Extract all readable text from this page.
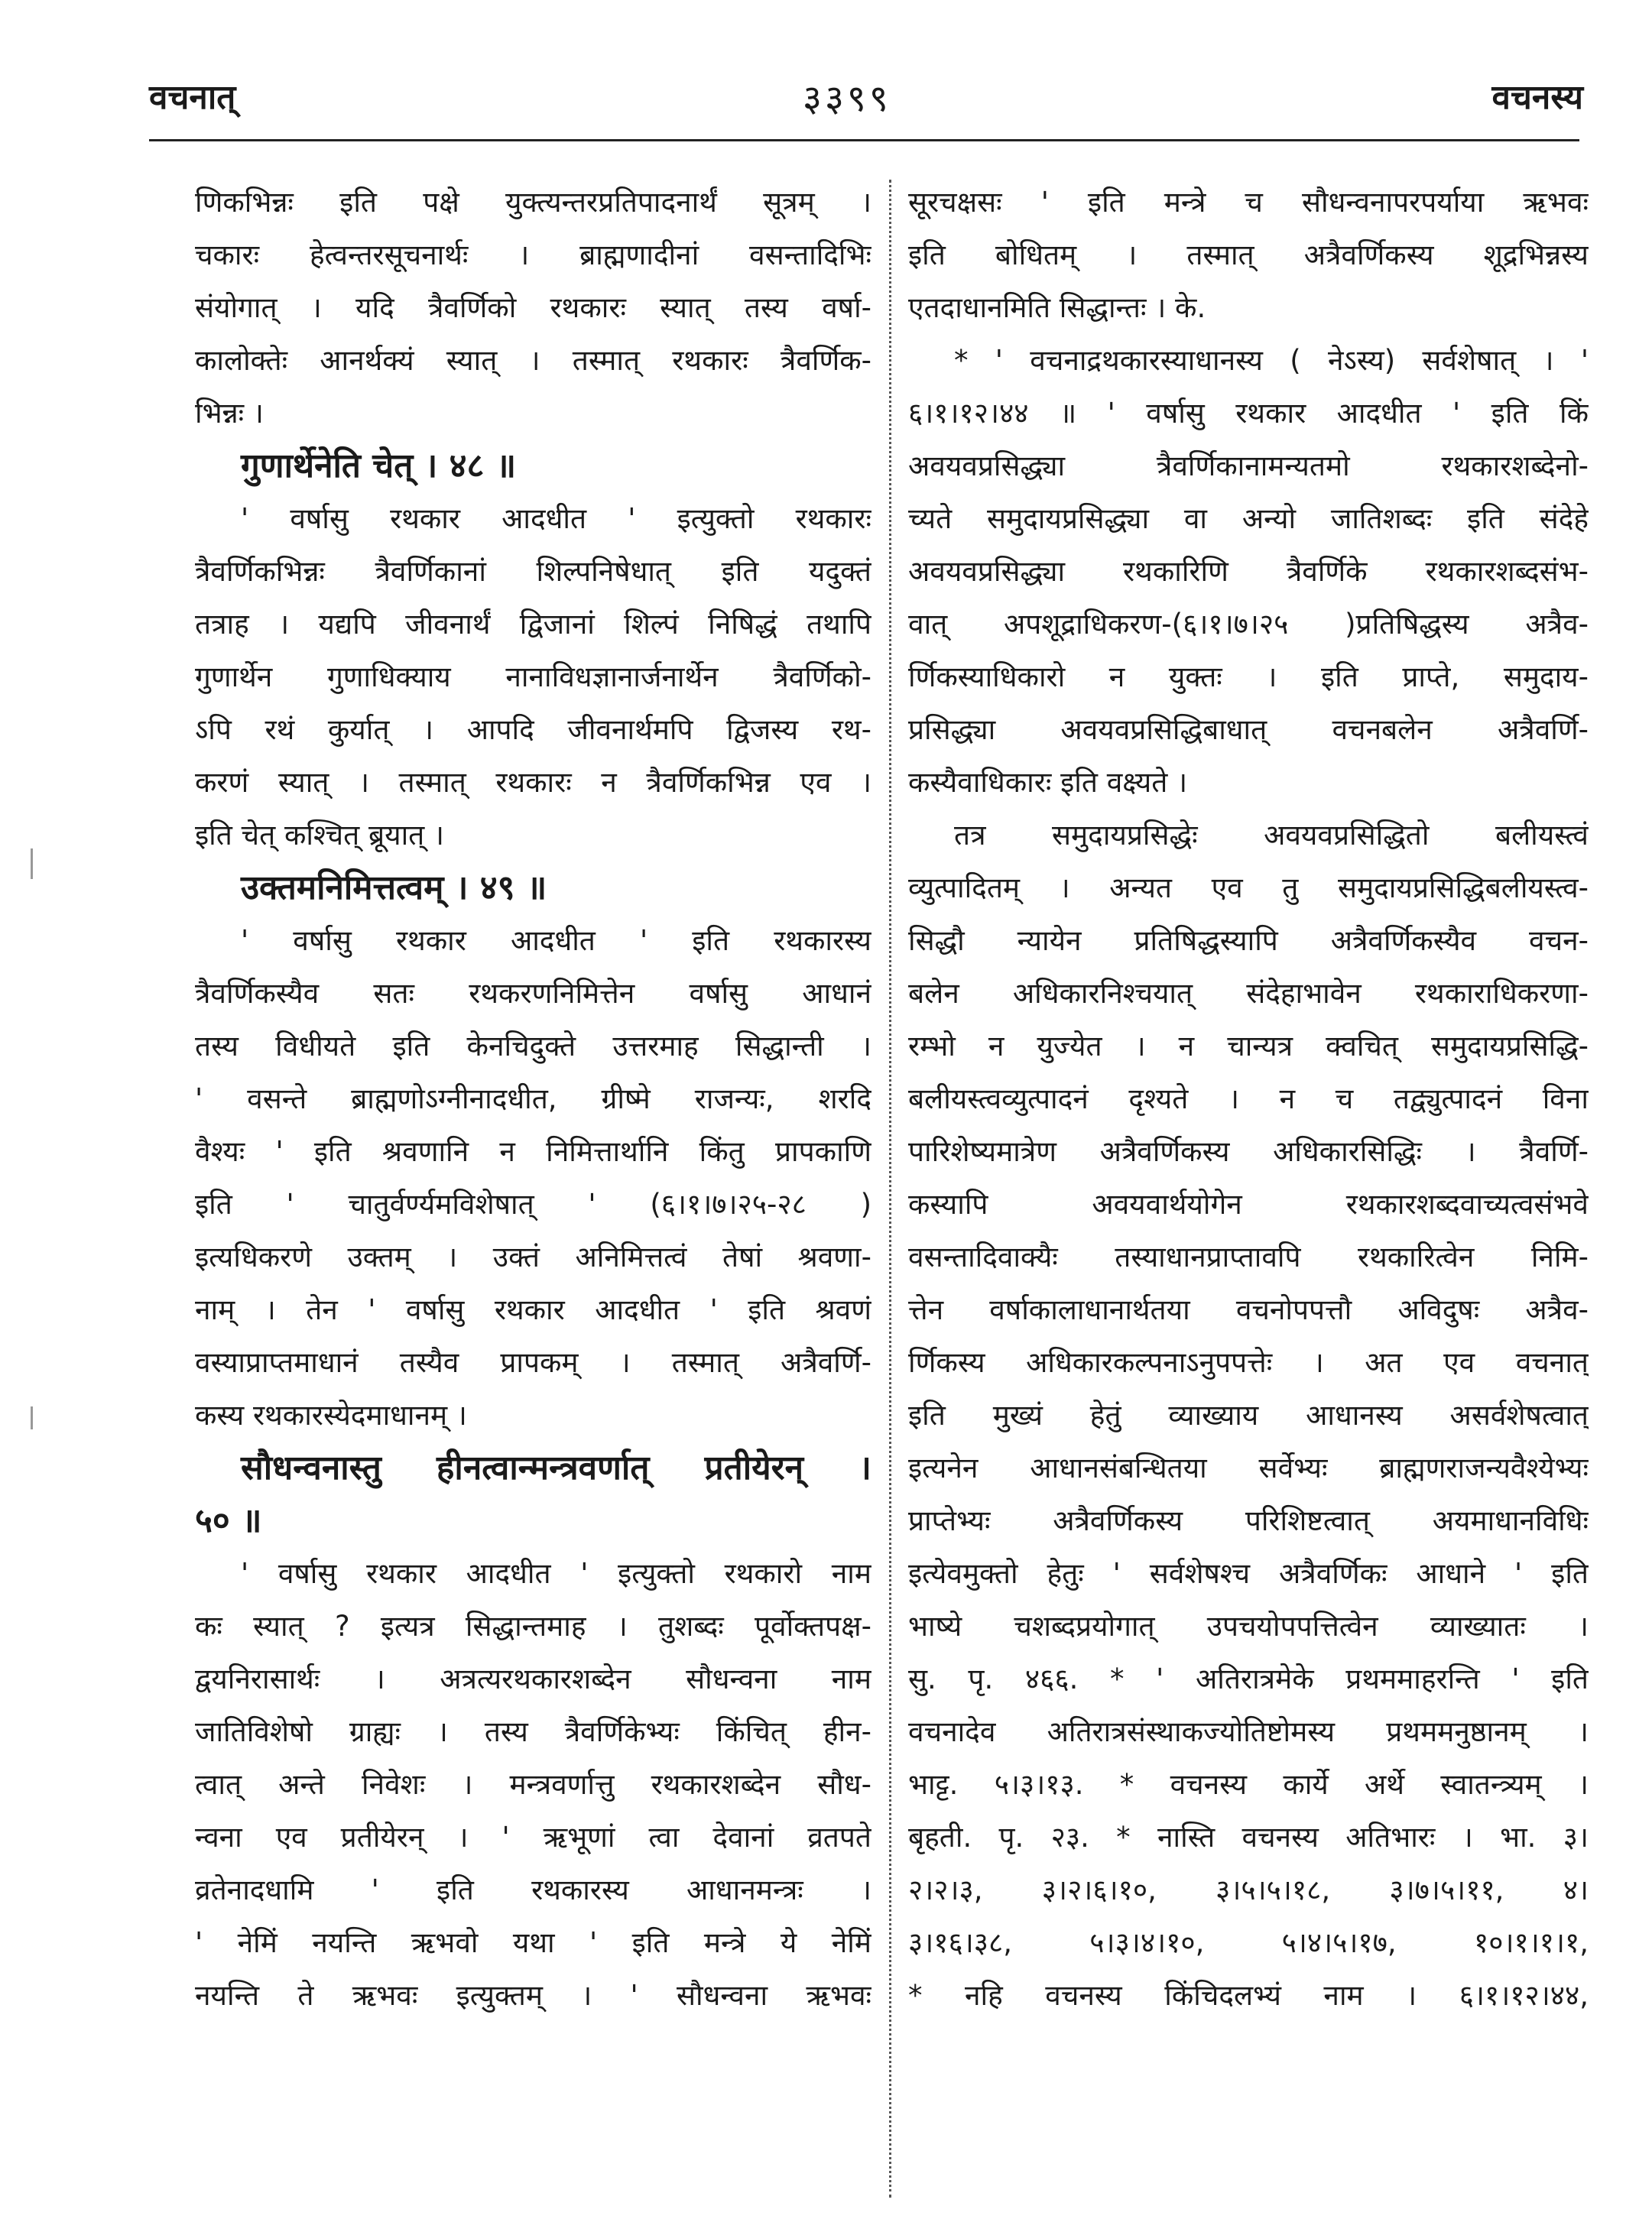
वचनात्	३३९९	वचनस्य
णिकभिन्नः इति पक्षे युक्त्यन्तरप्रतिपादनार्थं सूत्रम् ।
चकारः हेत्वन्तरसूचनार्थः । ब्राह्मणादीनां वसन्तादिभिः
संयोगात् । यदि त्रैवर्णिको रथकारः स्यात् तस्य वर्षा-
कालोक्तेः आनर्थक्यं स्यात् । तस्मात् रथकारः त्रैवर्णिक-
भिन्नः ।
गुणार्थेनेति चेत् । ४८ ॥
' वर्षासु रथकार आदधीत ' इत्युक्तो रथकारः
त्रैवर्णिकभिन्नः त्रैवर्णिकानां शिल्पनिषेधात् इति यदुक्तं
तत्राह । यद्यपि जीवनार्थं द्विजानां शिल्पं निषिद्धं तथापि
गुणार्थेन गुणाधिक्याय नानाविधज्ञानार्जनार्थेन त्रैवर्णिको-
ऽपि रथं कुर्यात् । आपदि जीवनार्थमपि द्विजस्य रथ-
करणं स्यात् । तस्मात् रथकारः न त्रैवर्णिकभिन्न एव ।
इति चेत् कश्चित् ब्रूयात् ।
उक्तमनिमित्तत्वम् । ४९ ॥
' वर्षासु रथकार आदधीत ' इति रथकारस्य
त्रैवर्णिकस्यैव सतः रथकरणनिमित्तेन वर्षासु आधानं
तस्य विधीयते इति केनचिदुक्ते उत्तरमाह सिद्धान्ती ।
' वसन्ते ब्राह्मणोऽग्नीनादधीत, ग्रीष्मे राजन्यः, शरदि
वैश्यः ' इति श्रवणानि न निमित्तार्थानि किंतु प्रापकाणि
इति ' चातुर्वर्ण्यमविशेषात् ' (६।१।७।२५-२८ )
इत्यधिकरणे उक्तम् । उक्तं अनिमित्तत्वं तेषां श्रवणा-
नाम् । तेन ' वर्षासु रथकार आदधीत ' इति श्रवणं
वस्याप्राप्तमाधानं तस्यैव प्रापकम् । तस्मात् अत्रैवर्णि-
कस्य रथकारस्येदमाधानम् ।
सौधन्वनास्तु हीनत्वान्मन्त्रवर्णात् प्रतीयेरन् ।
५० ॥
' वर्षासु रथकार आदधीत ' इत्युक्तो रथकारो नाम
कः स्यात् ? इत्यत्र सिद्धान्तमाह । तुशब्दः पूर्वोक्तपक्ष-
द्वयनिरासार्थः । अत्रत्यरथकारशब्देन सौधन्वना नाम
जातिविशेषो ग्राह्यः । तस्य त्रैवर्णिकेभ्यः किंचित् हीन-
त्वात् अन्ते निवेशः । मन्त्रवर्णात्तु रथकारशब्देन सौध-
न्वना एव प्रतीयेरन् । ' ऋभूणां त्वा देवानां व्रतपते
व्रतेनादधामि ' इति रथकारस्य आधानमन्त्रः ।
' नेमिं नयन्ति ऋभवो यथा ' इति मन्त्रे ये नेमिं
नयन्ति ते ऋभवः इत्युक्तम् । ' सौधन्वना ऋभवः
सूरचक्षसः ' इति मन्त्रे च सौधन्वनापरपर्याया ऋभवः
इति बोधितम् । तस्मात् अत्रैवर्णिकस्य शूद्रभिन्नस्य
एतदाधानमिति सिद्धान्तः । के.
* ' वचनाद्रथकारस्याधानस्य ( नेऽस्य) सर्वशेषात् । '
६।१।१२।४४ ॥ ' वर्षासु रथकार आदधीत ' इति किं
अवयवप्रसिद्ध्या त्रैवर्णिकानामन्यतमो रथकारशब्देनो-
च्यते समुदायप्रसिद्ध्या वा अन्यो जातिशब्दः इति संदेहे
अवयवप्रसिद्ध्या रथकारिणि त्रैवर्णिके रथकारशब्दसंभ-
वात् अपशूद्राधिकरण-(६।१।७।२५ )प्रतिषिद्धस्य अत्रैव-
र्णिकस्याधिकारो न युक्तः । इति प्राप्ते, समुदाय-
प्रसिद्ध्या अवयवप्रसिद्धिबाधात् वचनबलेन अत्रैवर्णि-
कस्यैवाधिकारः इति वक्ष्यते ।
तत्र समुदायप्रसिद्धेः अवयवप्रसिद्धितो बलीयस्त्वं
व्युत्पादितम् । अन्यत एव तु समुदायप्रसिद्धिबलीयस्त्व-
सिद्धौ न्यायेन प्रतिषिद्धस्यापि अत्रैवर्णिकस्यैव वचन-
बलेन अधिकारनिश्चयात् संदेहाभावेन रथकाराधिकरणा-
रम्भो न युज्येत । न चान्यत्र क्वचित् समुदायप्रसिद्धि-
बलीयस्त्वव्युत्पादनं दृश्यते । न च तद्व्युत्पादनं विना
पारिशेष्यमात्रेण अत्रैवर्णिकस्य अधिकारसिद्धिः । त्रैवर्णि-
कस्यापि अवयवार्थयोगेन रथकारशब्दवाच्यत्वसंभवे
वसन्तादिवाक्यैः तस्याधानप्राप्तावपि रथकारित्वेन निमि-
त्तेन वर्षाकालाधानार्थतया वचनोपपत्तौ अविदुषः अत्रैव-
र्णिकस्य अधिकारकल्पनाऽनुपपत्तेः । अत एव वचनात्
इति मुख्यं हेतुं व्याख्याय आधानस्य असर्वशेषत्वात्
इत्यनेन आधानसंबन्धितया सर्वेभ्यः ब्राह्मणराजन्यवैश्येभ्यः
प्राप्तेभ्यः अत्रैवर्णिकस्य परिशिष्टत्वात् अयमाधानविधिः
इत्येवमुक्तो हेतुः ' सर्वशेषश्च अत्रैवर्णिकः आधाने ' इति
भाष्ये चशब्दप्रयोगात् उपचयोपपत्तित्वेन व्याख्यातः ।
सु. पृ. ४६६. * ' अतिरात्रमेके प्रथममाहरन्ति ' इति
वचनादेव अतिरात्रसंस्थाकज्योतिष्टोमस्य प्रथममनुष्ठानम् ।
भाट्ट. ५।३।१३. * वचनस्य कार्ये अर्थे स्वातन्त्र्यम् ।
बृहती. पृ. २३. * नास्ति वचनस्य अतिभारः । भा. ३।
२।२।३, ३।२।६।१०, ३।५।५।१८, ३।७।५।११, ४।
३।१६।३८, ५।३।४।१०, ५।४।५।१७, १०।१।१।१,
* नहि वचनस्य किंचिदलभ्यं नाम । ६।१।१२।४४,
